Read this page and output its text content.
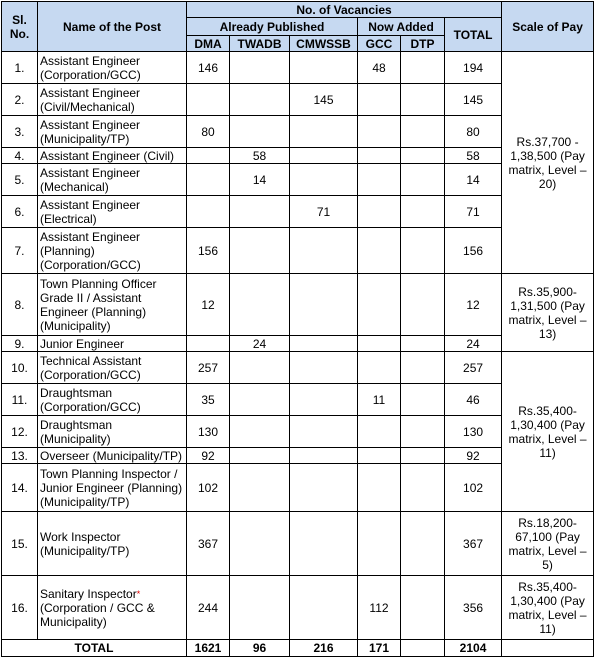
Sl. No.	Name of the Post	No. of Vacancies						Scale of Pay
		Already Published			Now Added		TOTAL	
		DMA	TWADB	CMWSSB	GCC	DTP		
1.	Assistant Engineer (Corporation/GCC)	146			48		194	Rs.37,700 - 1,38,500 (Pay matrix, Level – 20)
2.	Assistant Engineer (Civil/Mechanical)			145			145	
3.	Assistant Engineer (Municipality/TP)	80					80	
4.	Assistant Engineer (Civil)		58				58	
5.	Assistant Engineer (Mechanical)		14				14	
6.	Assistant Engineer (Electrical)			71			71	
7.	Assistant Engineer (Planning) (Corporation/GCC)	156					156	
8.	Town Planning Officer Grade II / Assistant Engineer (Planning) (Municipality)	12					12	Rs.35,900-1,31,500 (Pay matrix, Level – 13)
9.	Junior Engineer		24				24	
10.	Technical Assistant (Corporation/GCC)	257					257	Rs.35,400-1,30,400 (Pay matrix, Level – 11)
11.	Draughtsman (Corporation/GCC)	35			11		46	
12.	Draughtsman (Municipality)	130					130	
13.	Overseer (Municipality/TP)	92					92	
14.	Town Planning Inspector / Junior Engineer (Planning) (Municipality/TP)	102					102	
15.	Work Inspector (Municipality/TP)	367					367	Rs.18,200-67,100 (Pay matrix, Level – 5)
16.	Sanitary Inspector* (Corporation / GCC & Municipality)	244			112		356	Rs.35,400-1,30,400 (Pay matrix, Level – 11)
TOTAL		1621	96	216	171		2104	
